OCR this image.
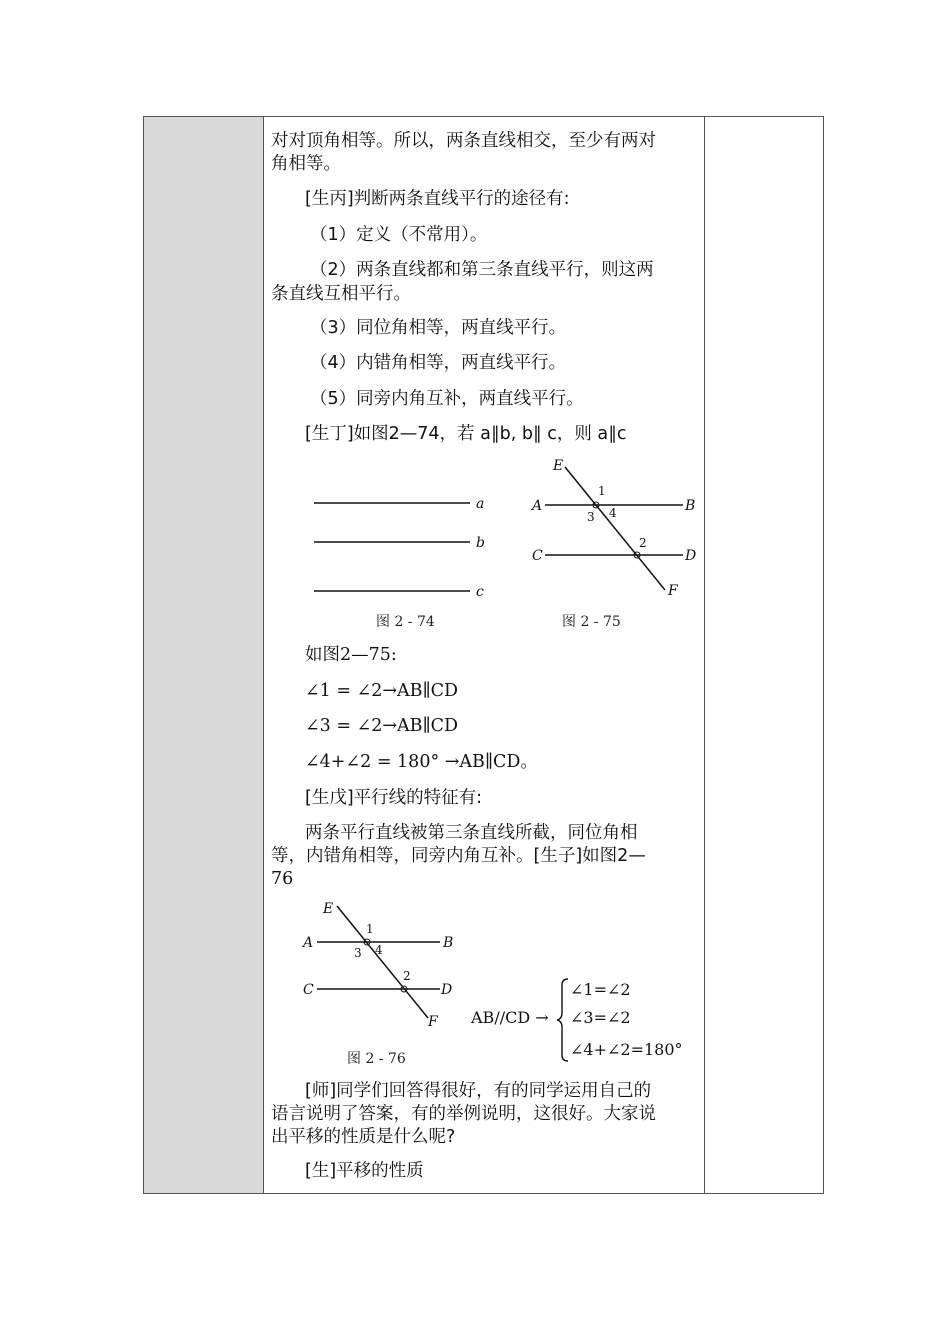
对对顶角相等。所以，两条直线相交，至少有两对
角相等。
[生丙]判断两条直线平行的途径有:
（1）定义（不常用）。
（2）两条直线都和第三条直线平行，则这两
条直线互相平行。
（3）同位角相等，两直线平行。
（4）内错角相等，两直线平行。
（5）同旁内角互补，两直线平行。
[生丁]如图2—74，若 a∥b, b∥ c，则 a∥c
a
b
c
图 2 - 74
E
A	B
C	D
F
1
3 4
2
图 2 - 75
如图2—75:
∠1 = ∠2→AB∥CD
∠3 = ∠2→AB∥CD
∠4+∠2 = 180° →AB∥CD。
[生戊]平行线的特征有:
两条平行直线被第三条直线所截，同位角相
等，内错角相等，同旁内角互补。[生子]如图2—
76
E
A	B
C	D
F
1
3 4
2
图 2 - 76
AB//CD →
∠1=∠2
∠3=∠2
∠4+∠2=180°
[师]同学们回答得很好，有的同学运用自己的
语言说明了答案，有的举例说明，这很好。大家说
出平移的性质是什么呢?
[生]平移的性质
